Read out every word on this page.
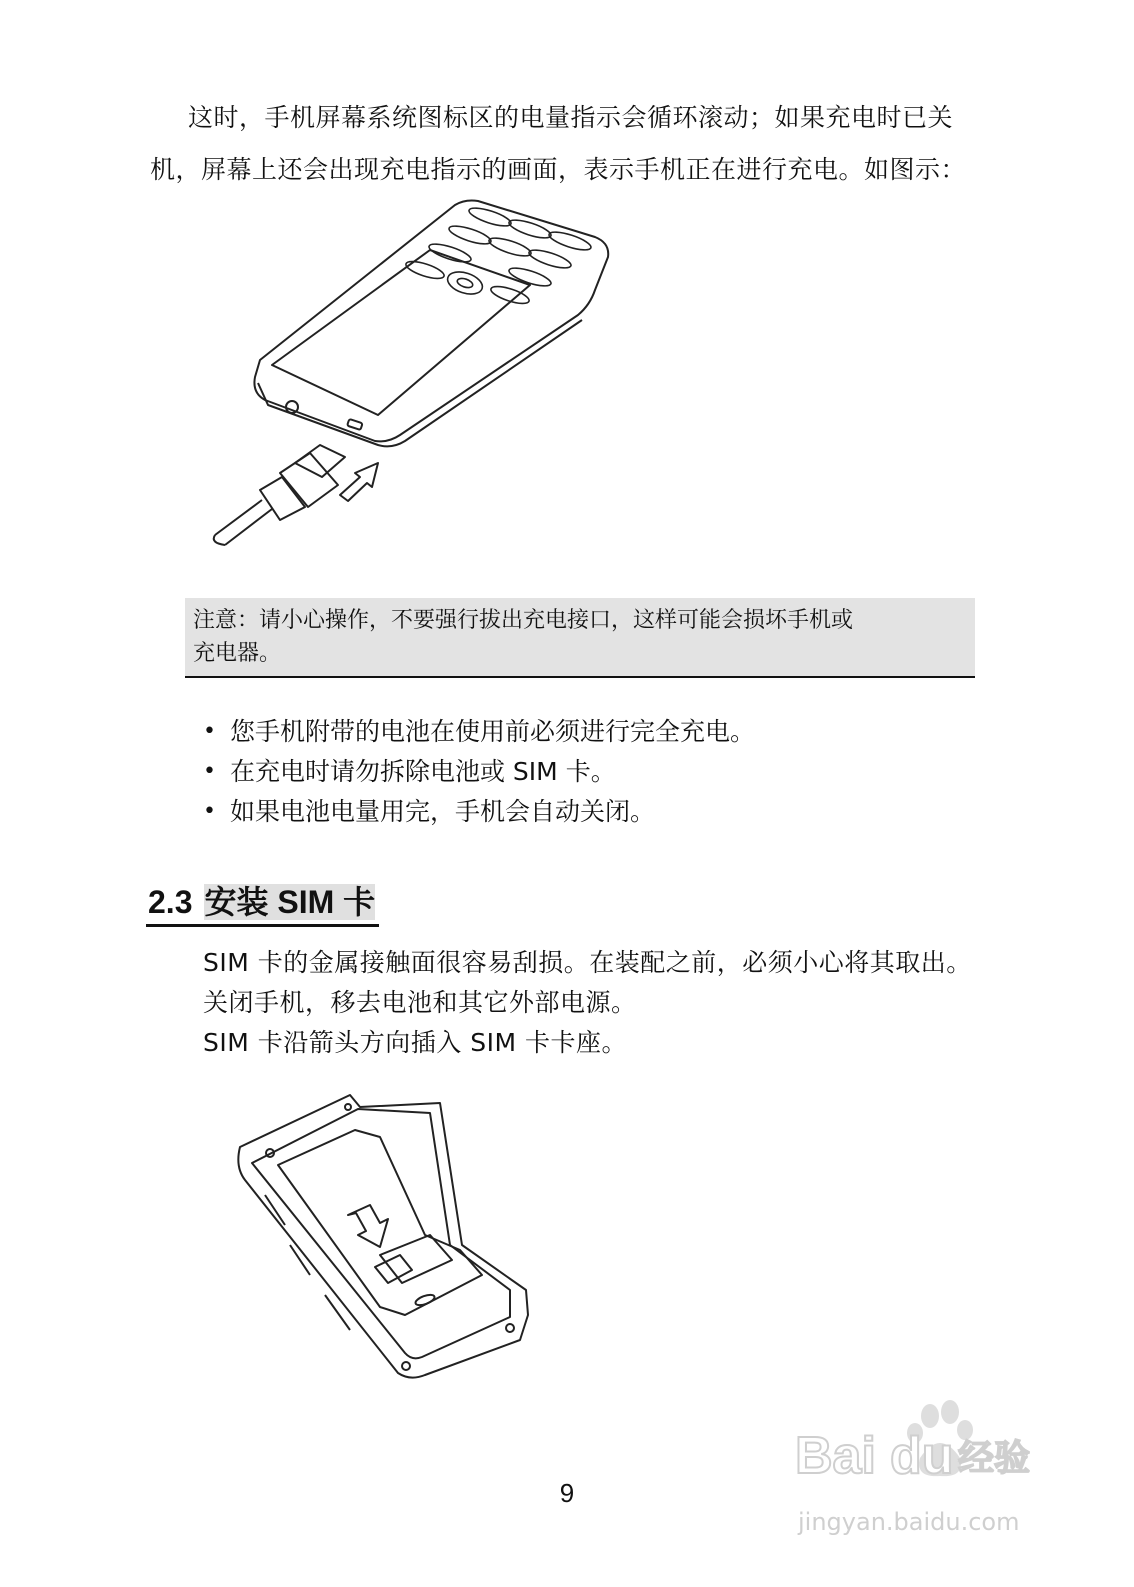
这时，手机屏幕系统图标区的电量指示会循环滚动；如果充电时已关
机，屏幕上还会出现充电指示的画面，表示手机正在进行充电。如图示：
注意：请小心操作，不要强行拔出充电接口，这样可能会损坏手机或
充电器。
• 您手机附带的电池在使用前必须进行完全充电。
• 在充电时请勿拆除电池或 SIM 卡。
• 如果电池电量用完，手机会自动关闭。
2.3 安装 SIM 卡
SIM 卡的金属接触面很容易刮损。在装配之前，必须小心将其取出。
关闭手机，移去电池和其它外部电源。
SIM 卡沿箭头方向插入 SIM 卡卡座。
9
Bai du 经验
jingyan.baidu.com
